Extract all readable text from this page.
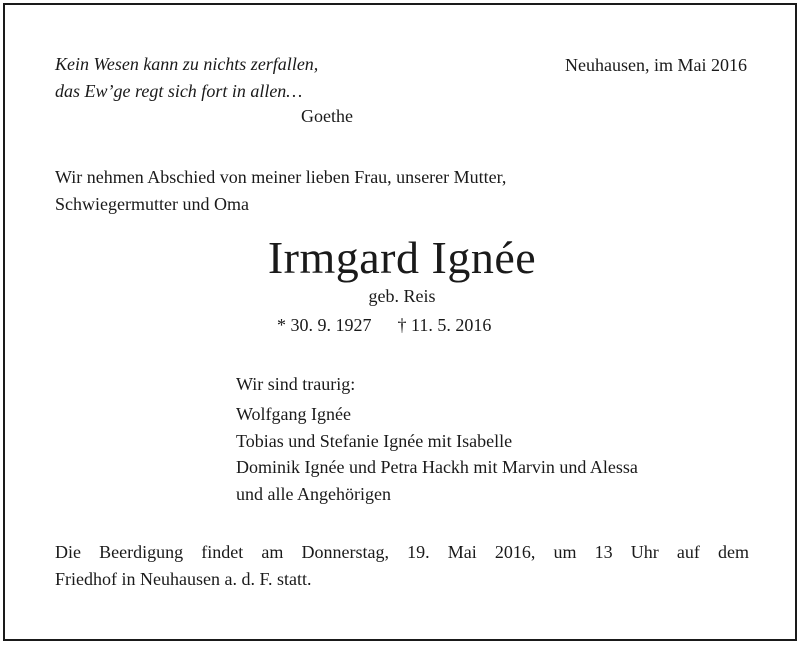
Kein Wesen kann zu nichts zerfallen,
das Ew’ge regt sich fort in allen…
Goethe
Neuhausen, im Mai 2016
Wir nehmen Abschied von meiner lieben Frau, unserer Mutter,
Schwiegermutter und Oma
Irmgard Ignée
geb. Reis
* 30. 9. 1927 † 11. 5. 2016
Wir sind traurig:
Wolfgang Ignée
Tobias und Stefanie Ignée mit Isabelle
Dominik Ignée und Petra Hackh mit Marvin und Alessa
und alle Angehörigen
Die Beerdigung findet am Donnerstag, 19. Mai 2016, um 13 Uhr auf dem
Friedhof in Neuhausen a. d. F. statt.
